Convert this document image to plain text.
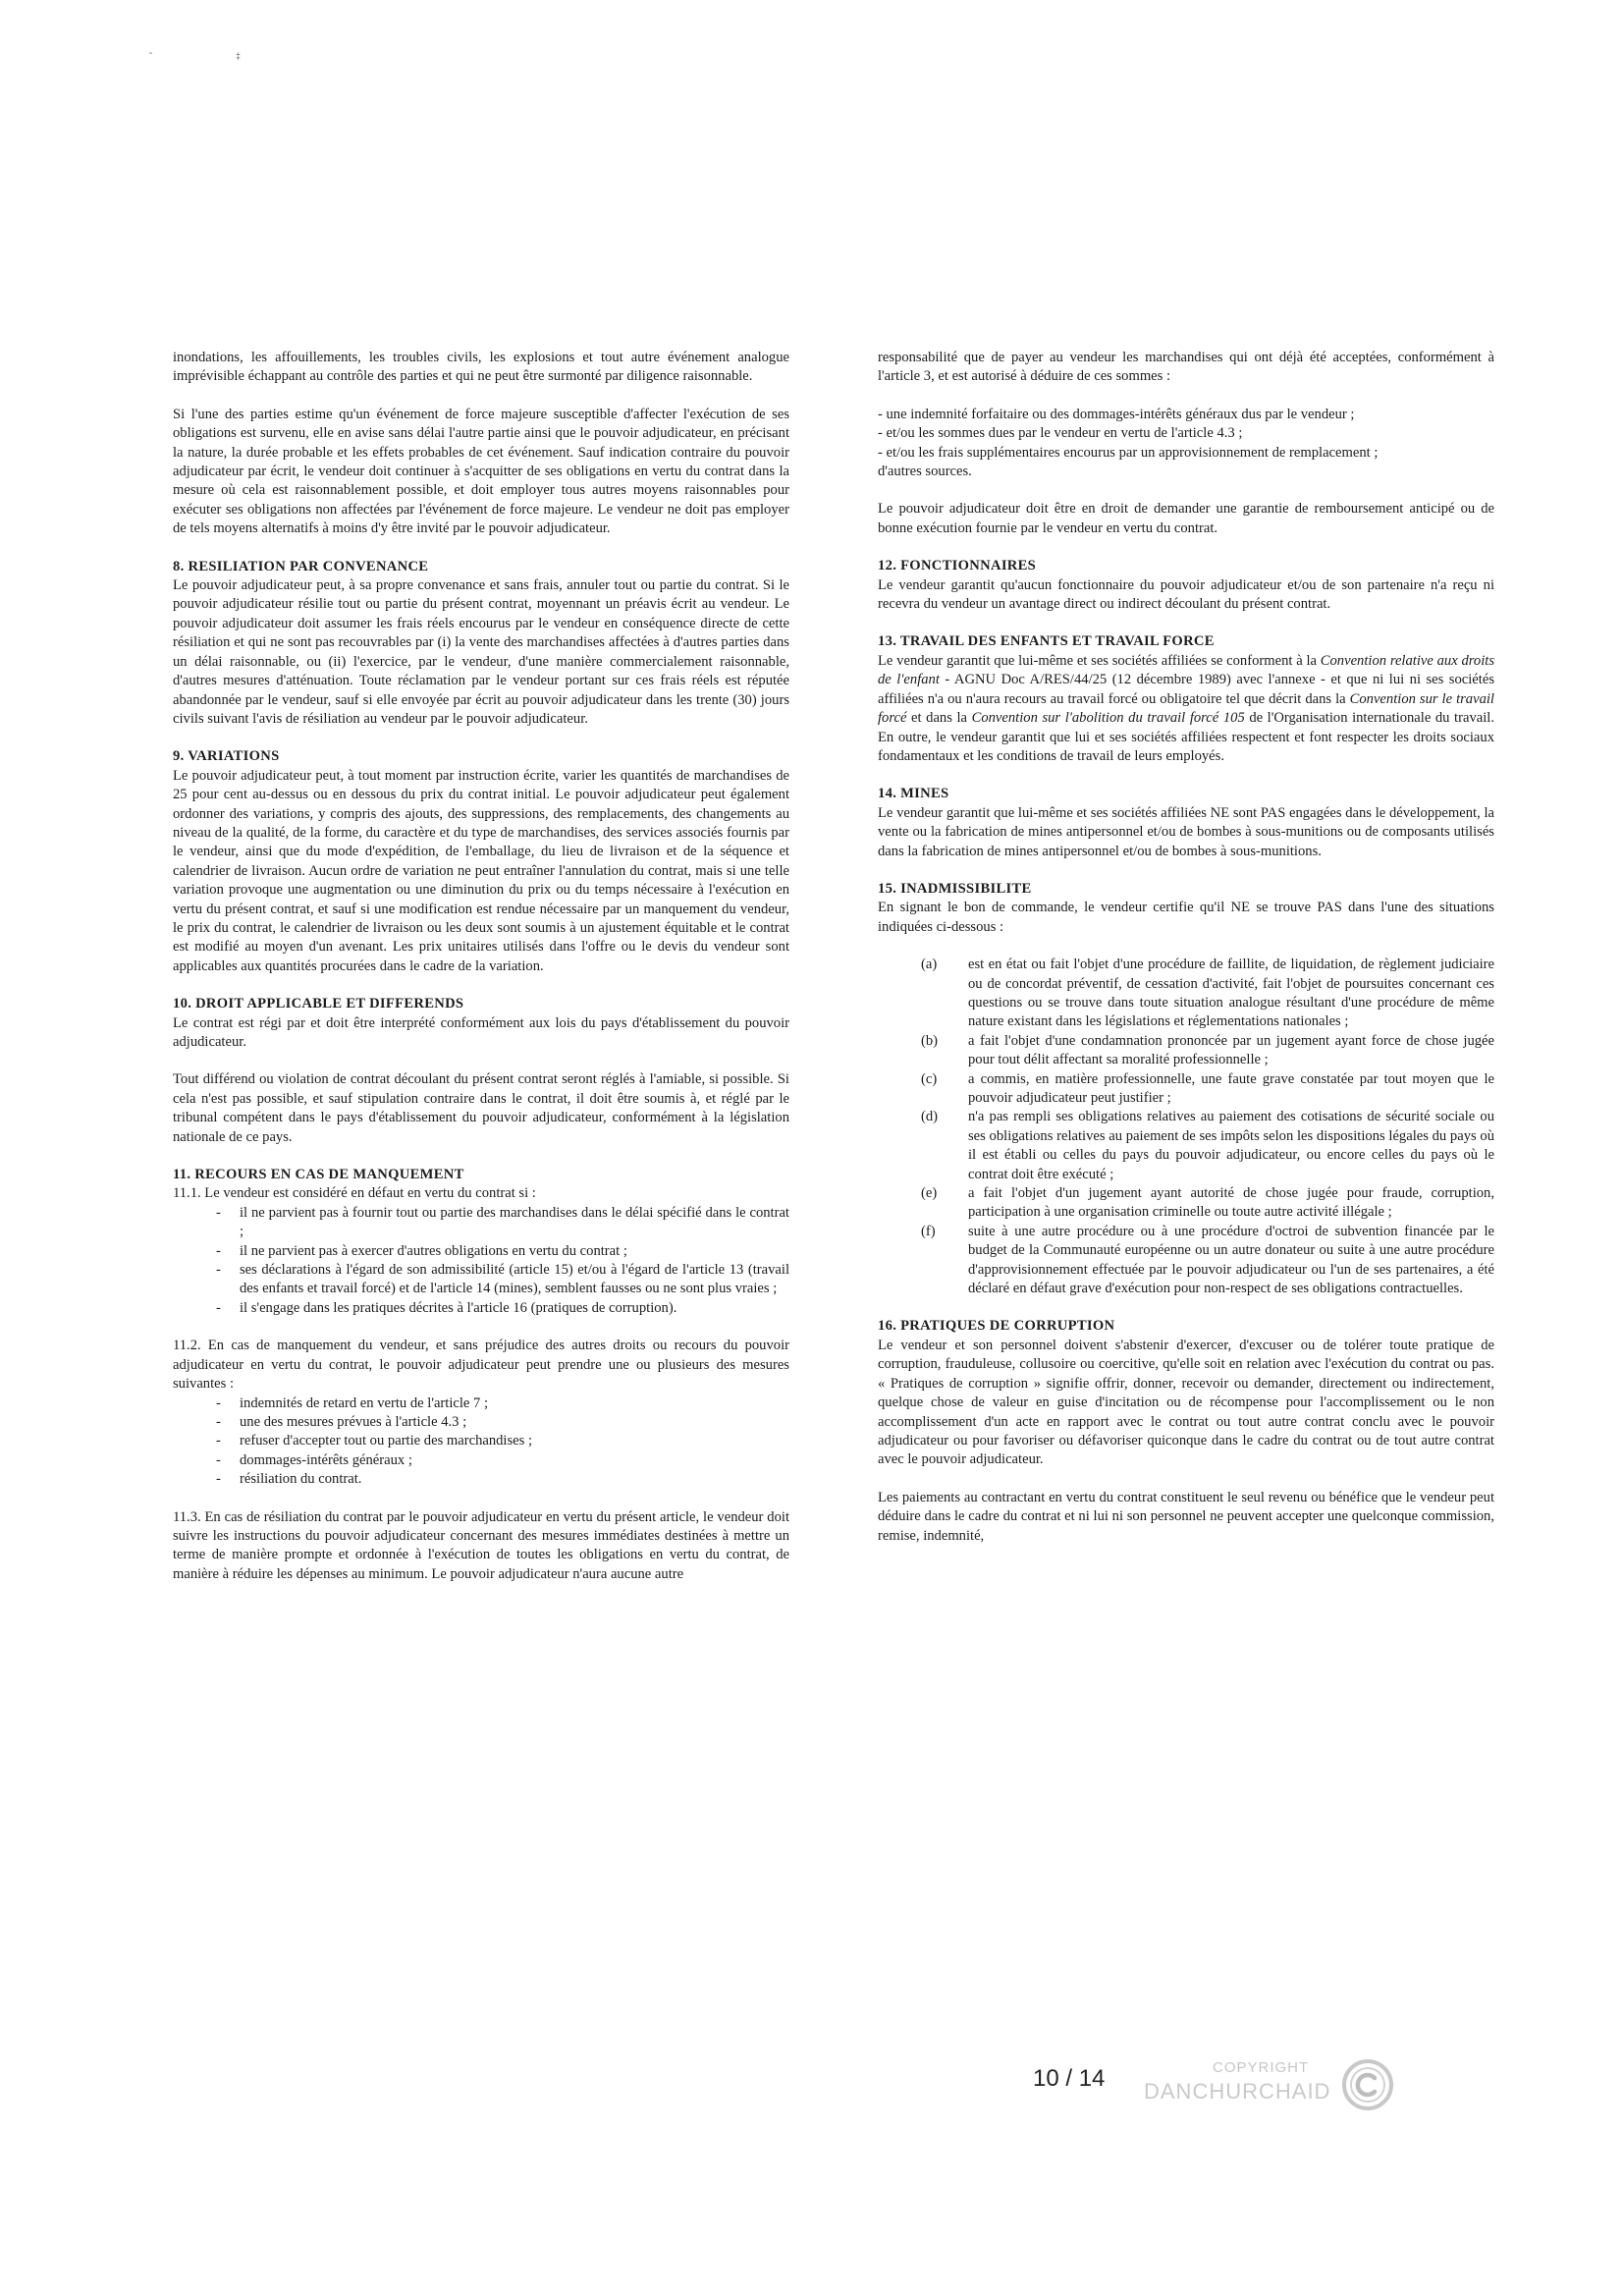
˜	‡

inondations, les affouillements, les troubles civils, les explosions et tout autre événement analogue imprévisible échappant au contrôle des parties et qui ne peut être surmonté par diligence raisonnable.

Si l'une des parties estime qu'un événement de force majeure susceptible d'affecter l'exécution de ses obligations est survenu, elle en avise sans délai l'autre partie ainsi que le pouvoir adjudicateur, en précisant la nature, la durée probable et les effets probables de cet événement. Sauf indication contraire du pouvoir adjudicateur par écrit, le vendeur doit continuer à s'acquitter de ses obligations en vertu du contrat dans la mesure où cela est raisonnablement possible, et doit employer tous autres moyens raisonnables pour exécuter ses obligations non affectées par l'événement de force majeure. Le vendeur ne doit pas employer de tels moyens alternatifs à moins d'y être invité par le pouvoir adjudicateur.

8. RESILIATION PAR CONVENANCE

Le pouvoir adjudicateur peut, à sa propre convenance et sans frais, annuler tout ou partie du contrat. Si le pouvoir adjudicateur résilie tout ou partie du présent contrat, moyennant un préavis écrit au vendeur. Le pouvoir adjudicateur doit assumer les frais réels encourus par le vendeur en conséquence directe de cette résiliation et qui ne sont pas recouvrables par (i) la vente des marchandises affectées à d'autres parties dans un délai raisonnable, ou (ii) l'exercice, par le vendeur, d'une manière commercialement raisonnable, d'autres mesures d'atténuation. Toute réclamation par le vendeur portant sur ces frais réels est réputée abandonnée par le vendeur, sauf si elle envoyée par écrit au pouvoir adjudicateur dans les trente (30) jours civils suivant l'avis de résiliation au vendeur par le pouvoir adjudicateur.

9. VARIATIONS

Le pouvoir adjudicateur peut, à tout moment par instruction écrite, varier les quantités de marchandises de 25 pour cent au-dessus ou en dessous du prix du contrat initial. Le pouvoir adjudicateur peut également ordonner des variations, y compris des ajouts, des suppressions, des remplacements, des changements au niveau de la qualité, de la forme, du caractère et du type de marchandises, des services associés fournis par le vendeur, ainsi que du mode d'expédition, de l'emballage, du lieu de livraison et de la séquence et calendrier de livraison. Aucun ordre de variation ne peut entraîner l'annulation du contrat, mais si une telle variation provoque une augmentation ou une diminution du prix ou du temps nécessaire à l'exécution en vertu du présent contrat, et sauf si une modification est rendue nécessaire par un manquement du vendeur, le prix du contrat, le calendrier de livraison ou les deux sont soumis à un ajustement équitable et le contrat est modifié au moyen d'un avenant. Les prix unitaires utilisés dans l'offre ou le devis du vendeur sont applicables aux quantités procurées dans le cadre de la variation.

10. DROIT APPLICABLE ET DIFFERENDS

Le contrat est régi par et doit être interprété conformément aux lois du pays d'établissement du pouvoir adjudicateur.

Tout différend ou violation de contrat découlant du présent contrat seront réglés à l'amiable, si possible. Si cela n'est pas possible, et sauf stipulation contraire dans le contrat, il doit être soumis à, et réglé par le tribunal compétent dans le pays d'établissement du pouvoir adjudicateur, conformément à la législation nationale de ce pays.

11. RECOURS EN CAS DE MANQUEMENT

11.1. Le vendeur est considéré en défaut en vertu du contrat si :

- il ne parvient pas à fournir tout ou partie des marchandises dans le délai spécifié dans le contrat ;
- il ne parvient pas à exercer d'autres obligations en vertu du contrat ;
- ses déclarations à l'égard de son admissibilité (article 15) et/ou à l'égard de l'article 13 (travail des enfants et travail forcé) et de l'article 14 (mines), semblent fausses ou ne sont plus vraies ;
- il s'engage dans les pratiques décrites à l'article 16 (pratiques de corruption).

11.2. En cas de manquement du vendeur, et sans préjudice des autres droits ou recours du pouvoir adjudicateur en vertu du contrat, le pouvoir adjudicateur peut prendre une ou plusieurs des mesures suivantes :

- indemnités de retard en vertu de l'article 7 ;
- une des mesures prévues à l'article 4.3 ;
- refuser d'accepter tout ou partie des marchandises ;
- dommages-intérêts généraux ;
- résiliation du contrat.

11.3. En cas de résiliation du contrat par le pouvoir adjudicateur en vertu du présent article, le vendeur doit suivre les instructions du pouvoir adjudicateur concernant des mesures immédiates destinées à mettre un terme de manière prompte et ordonnée à l'exécution de toutes les obligations en vertu du contrat, de manière à réduire les dépenses au minimum. Le pouvoir adjudicateur n'aura aucune autre

responsabilité que de payer au vendeur les marchandises qui ont déjà été acceptées, conformément à l'article 3, et est autorisé à déduire de ces sommes :

- une indemnité forfaitaire ou des dommages-intérêts généraux dus par le vendeur ;
- et/ou les sommes dues par le vendeur en vertu de l'article 4.3 ;
- et/ou les frais supplémentaires encourus par un approvisionnement de remplacement ;
d'autres sources.

Le pouvoir adjudicateur doit être en droit de demander une garantie de remboursement anticipé ou de bonne exécution fournie par le vendeur en vertu du contrat.

12. FONCTIONNAIRES

Le vendeur garantit qu'aucun fonctionnaire du pouvoir adjudicateur et/ou de son partenaire n'a reçu ni recevra du vendeur un avantage direct ou indirect découlant du présent contrat.

13. TRAVAIL DES ENFANTS ET TRAVAIL FORCE

Le vendeur garantit que lui-même et ses sociétés affiliées se conforment à la Convention relative aux droits de l'enfant - AGNU Doc A/RES/44/25 (12 décembre 1989) avec l'annexe - et que ni lui ni ses sociétés affiliées n'a ou n'aura recours au travail forcé ou obligatoire tel que décrit dans la Convention sur le travail forcé et dans la Convention sur l'abolition du travail forcé 105 de l'Organisation internationale du travail. En outre, le vendeur garantit que lui et ses sociétés affiliées respectent et font respecter les droits sociaux fondamentaux et les conditions de travail de leurs employés.

14. MINES

Le vendeur garantit que lui-même et ses sociétés affiliées NE sont PAS engagées dans le développement, la vente ou la fabrication de mines antipersonnel et/ou de bombes à sous-munitions ou de composants utilisés dans la fabrication de mines antipersonnel et/ou de bombes à sous-munitions.

15. INADMISSIBILITE

En signant le bon de commande, le vendeur certifie qu'il NE se trouve PAS dans l'une des situations indiquées ci-dessous :

(a) est en état ou fait l'objet d'une procédure de faillite, de liquidation, de règlement judiciaire ou de concordat préventif, de cessation d'activité, fait l'objet de poursuites concernant ces questions ou se trouve dans toute situation analogue résultant d'une procédure de même nature existant dans les législations et réglementations nationales ;
(b) a fait l'objet d'une condamnation prononcée par un jugement ayant force de chose jugée pour tout délit affectant sa moralité professionnelle ;
(c) a commis, en matière professionnelle, une faute grave constatée par tout moyen que le pouvoir adjudicateur peut justifier ;
(d) n'a pas rempli ses obligations relatives au paiement des cotisations de sécurité sociale ou ses obligations relatives au paiement de ses impôts selon les dispositions légales du pays où il est établi ou celles du pays du pouvoir adjudicateur, ou encore celles du pays où le contrat doit être exécuté ;
(e) a fait l'objet d'un jugement ayant autorité de chose jugée pour fraude, corruption, participation à une organisation criminelle ou toute autre activité illégale ;
(f) suite à une autre procédure ou à une procédure d'octroi de subvention financée par le budget de la Communauté européenne ou un autre donateur ou suite à une autre procédure d'approvisionnement effectuée par le pouvoir adjudicateur ou l'un de ses partenaires, a été déclaré en défaut grave d'exécution pour non-respect de ses obligations contractuelles.
16. PRATIQUES DE CORRUPTION

Le vendeur et son personnel doivent s'abstenir d'exercer, d'excuser ou de tolérer toute pratique de corruption, frauduleuse, collusoire ou coercitive, qu'elle soit en relation avec l'exécution du contrat ou pas. « Pratiques de corruption » signifie offrir, donner, recevoir ou demander, directement ou indirectement, quelque chose de valeur en guise d'incitation ou de récompense pour l'accomplissement ou le non accomplissement d'un acte en rapport avec le contrat ou tout autre contrat conclu avec le pouvoir adjudicateur ou pour favoriser ou défavoriser quiconque dans le cadre du contrat ou de tout autre contrat avec le pouvoir adjudicateur.

Les paiements au contractant en vertu du contrat constituent le seul revenu ou bénéfice que le vendeur peut déduire dans le cadre du contrat et ni lui ni son personnel ne peuvent accepter une quelconque commission, remise, indemnité,

10 / 14	COPYRIGHT
DANCHURCHAID
